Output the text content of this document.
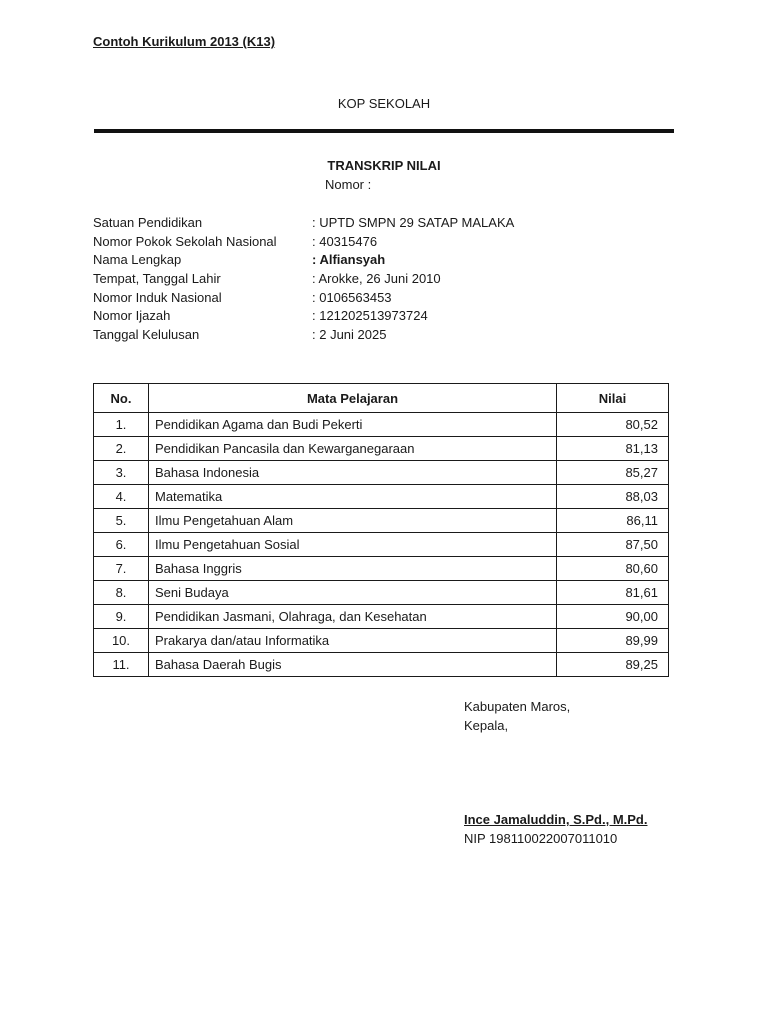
Contoh Kurikulum 2013 (K13)
KOP SEKOLAH
TRANSKRIP NILAI
Nomor :
Satuan Pendidikan	: UPTD SMPN 29 SATAP MALAKA
Nomor Pokok Sekolah Nasional	: 40315476
Nama Lengkap	: Alfiansyah
Tempat, Tanggal Lahir	: Arokke, 26 Juni 2010
Nomor Induk Nasional	: 0106563453
Nomor Ijazah	: 121202513973724
Tanggal Kelulusan	: 2 Juni 2025
No.	Mata Pelajaran	Nilai
1.	Pendidikan Agama dan Budi Pekerti	80,52
2.	Pendidikan Pancasila dan Kewarganegaraan	81,13
3.	Bahasa Indonesia	85,27
4.	Matematika	88,03
5.	Ilmu Pengetahuan Alam	86,11
6.	Ilmu Pengetahuan Sosial	87,50
7.	Bahasa Inggris	80,60
8.	Seni Budaya	81,61
9.	Pendidikan Jasmani, Olahraga, dan Kesehatan	90,00
10.	Prakarya dan/atau Informatika	89,99
11.	Bahasa Daerah Bugis	89,25
Kabupaten Maros,
Kepala,
Ince Jamaluddin, S.Pd., M.Pd.
NIP 198110022007011010
